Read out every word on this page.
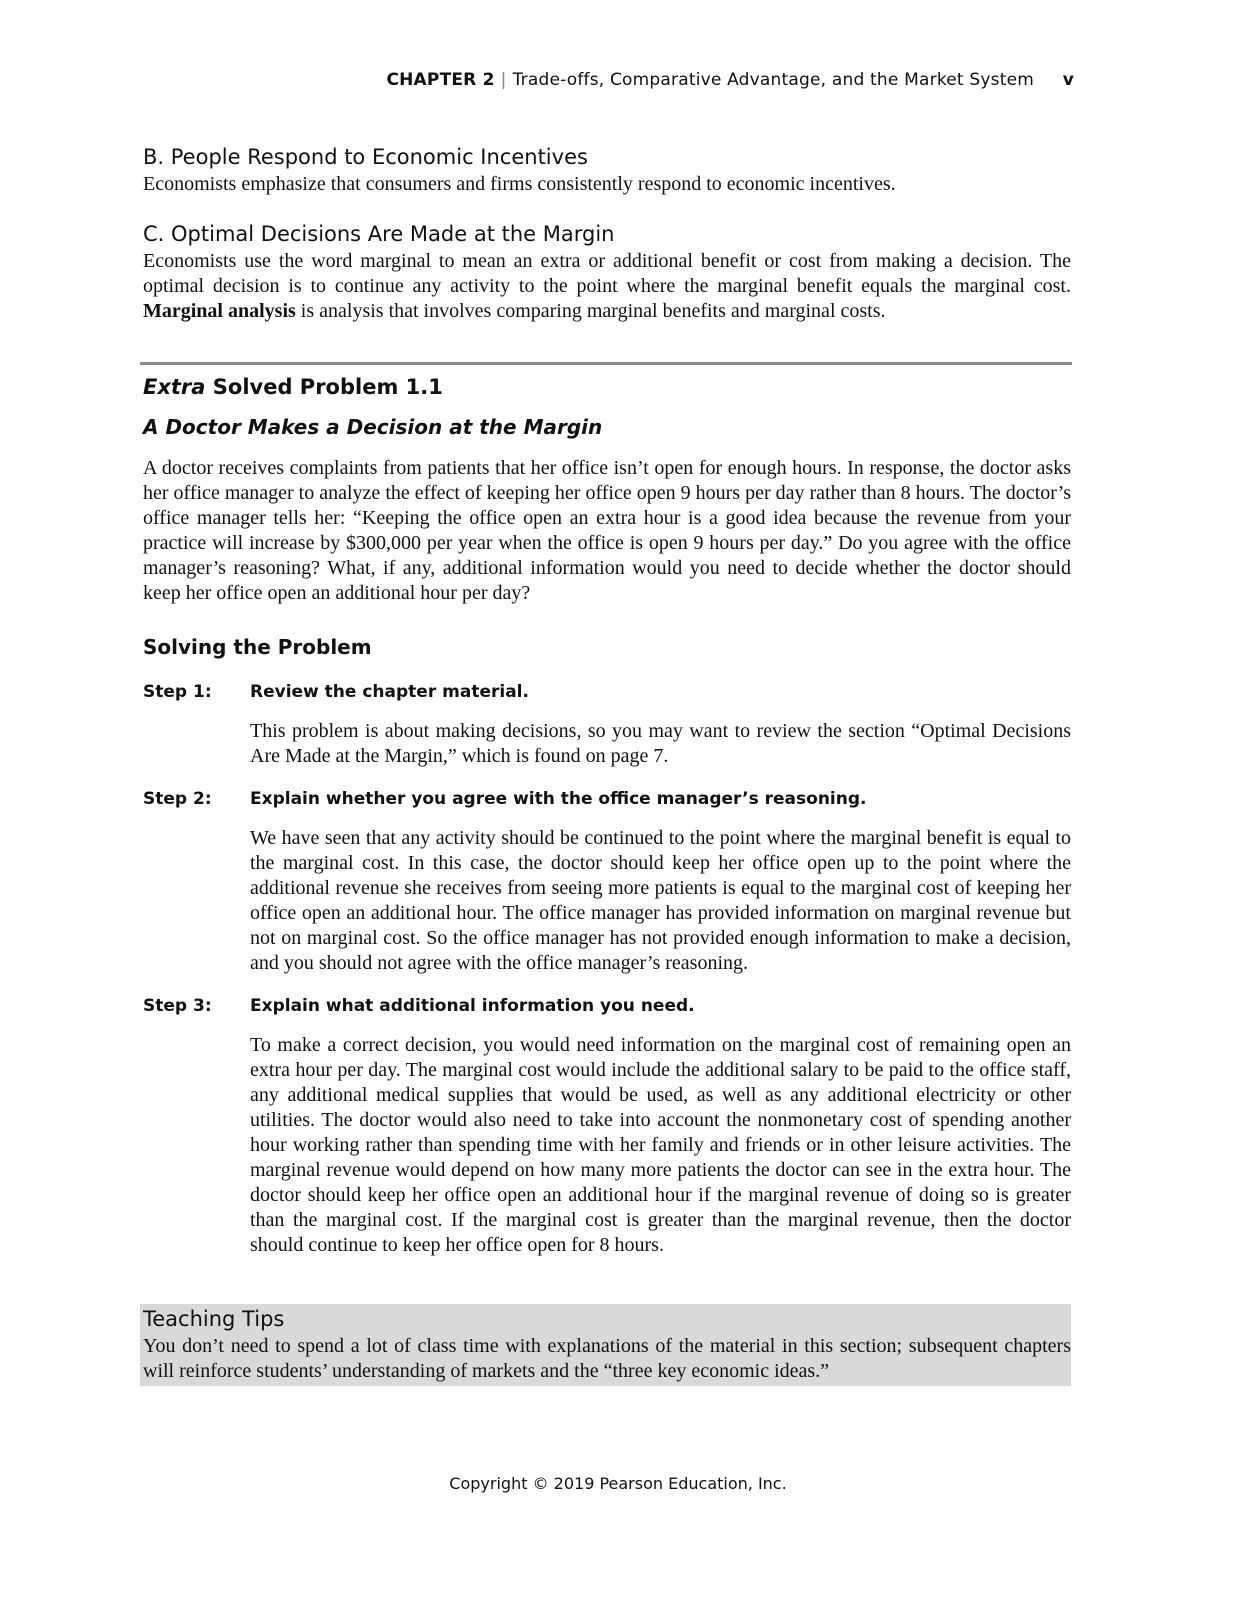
CHAPTER 2 | Trade-offs, Comparative Advantage, and the Market System v
B. People Respond to Economic Incentives

Economists emphasize that consumers and firms consistently respond to economic incentives.

C. Optimal Decisions Are Made at the Margin

Economists use the word marginal to mean an extra or additional benefit or cost from making a decision. The optimal decision is to continue any activity to the point where the marginal benefit equals the marginal cost. Marginal analysis is analysis that involves comparing marginal benefits and marginal costs.

Extra Solved Problem 1.1
A Doctor Makes a Decision at the Margin

A doctor receives complaints from patients that her office isn’t open for enough hours. In response, the doctor asks her office manager to analyze the effect of keeping her office open 9 hours per day rather than 8 hours. The doctor’s office manager tells her: “Keeping the office open an extra hour is a good idea because the revenue from your practice will increase by $300,000 per year when the office is open 9 hours per day.” Do you agree with the office manager’s reasoning? What, if any, additional information would you need to decide whether the doctor should keep her office open an additional hour per day?

Solving the Problem
Step 1:	Review the chapter material.

This problem is about making decisions, so you may want to review the section “Optimal Decisions Are Made at the Margin,” which is found on page 7.

Step 2:	Explain whether you agree with the office manager’s reasoning.

We have seen that any activity should be continued to the point where the marginal benefit is equal to the marginal cost. In this case, the doctor should keep her office open up to the point where the additional revenue she receives from seeing more patients is equal to the marginal cost of keeping her office open an additional hour. The office manager has provided information on marginal revenue but not on marginal cost. So the office manager has not provided enough information to make a decision, and you should not agree with the office manager’s reasoning.

Step 3:	Explain what additional information you need.

To make a correct decision, you would need information on the marginal cost of remaining open an extra hour per day. The marginal cost would include the additional salary to be paid to the office staff, any additional medical supplies that would be used, as well as any additional electricity or other utilities. The doctor would also need to take into account the nonmonetary cost of spending another hour working rather than spending time with her family and friends or in other leisure activities. The marginal revenue would depend on how many more patients the doctor can see in the extra hour. The doctor should keep her office open an additional hour if the marginal revenue of doing so is greater than the marginal cost. If the marginal cost is greater than the marginal revenue, then the doctor should continue to keep her office open for 8 hours.

Teaching Tips

You don’t need to spend a lot of class time with explanations of the material in this section; subsequent chapters will reinforce students’ understanding of markets and the “three key economic ideas.”

Copyright © 2019 Pearson Education, Inc.
